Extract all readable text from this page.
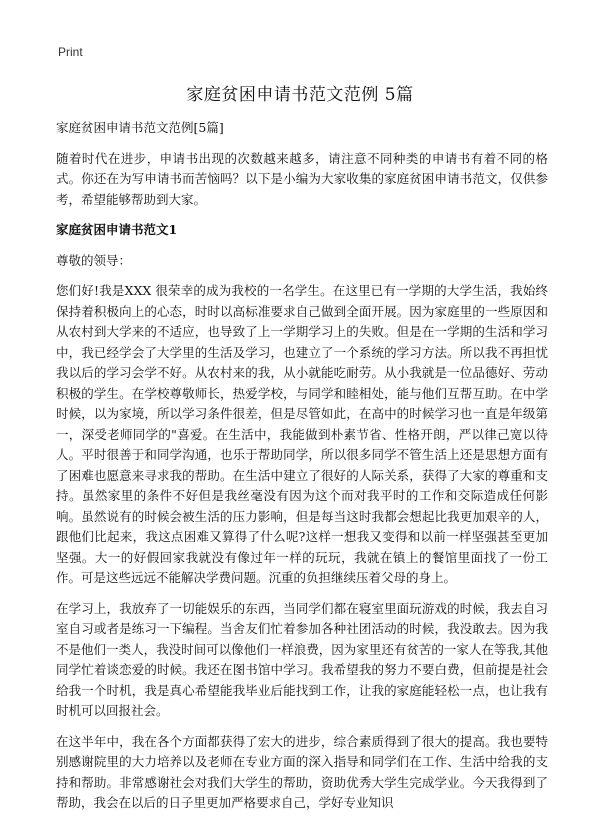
Print
家庭贫困申请书范文范例 5篇

家庭贫困申请书范文范例[5篇]

随着时代在进步，申请书出现的次数越来越多，请注意不同种类的申请书有着不同的格式。你还在为写申请书而苦恼吗？以下是小编为大家收集的家庭贫困申请书范文，仅供参考，希望能够帮助到大家。

家庭贫困申请书范文1

尊敬的领导：

您们好!我是XXX 很荣幸的成为我校的一名学生。在这里已有一学期的大学生活，我始终保持着积极向上的心态，时时以高标准要求自己做到全面开展。因为家庭里的一些原因和从农村到大学来的不适应，也导致了上一学期学习上的失败。但是在一学期的生活和学习中，我已经学会了大学里的生活及学习，也建立了一个系统的学习方法。所以我不再担忧我以后的学习会学不好。从农村来的我，从小就能吃耐劳。从小我就是一位品德好、劳动积极的学生。在学校尊敬师长，热爱学校，与同学和睦相处，能与他们互帮互助。在中学时候，以为家境，所以学习条件很差，但是尽管如此，在高中的时候学习也一直是年级第一，深受老师同学的"喜爱。在生活中，我能做到朴素节省、性格开朗，严以律己宽以待人。平时很善于和同学沟通，也乐于帮助同学，所以很多同学不管生活上还是思想方面有了困难也愿意来寻求我的帮助。在生活中建立了很好的人际关系，获得了大家的尊重和支持。虽然家里的条件不好但是我丝毫没有因为这个而对我平时的工作和交际造成任何影响。虽然说有的时候会被生活的压力影响，但是每当这时我都会想起比我更加艰辛的人，跟他们比起来，我这点困难又算得了什么呢?这样一想我又变得和以前一样坚强甚至更加坚强。大一的好假回家我就没有像过年一样的玩玩，我就在镇上的餐馆里面找了一份工作。可是这些远远不能解决学费问题。沉重的负担继续压着父母的身上。

在学习上，我放弃了一切能娱乐的东西，当同学们都在寝室里面玩游戏的时候，我去自习室自习或者是练习一下编程。当舍友们忙着参加各种社团活动的时候，我没敢去。因为我不是他们一类人，我没时间可以像他们一样浪费，因为家里还有贫苦的一家人在等我,其他同学忙着谈恋爱的时候。我还在图书馆中学习。我希望我的努力不要白费，但前提是社会给我一个时机，我是真心希望能我毕业后能找到工作，让我的家庭能轻松一点，也让我有时机可以回报社会。

在这半年中，我在各个方面都获得了宏大的进步，综合素质得到了很大的提高。我也要特别感谢院里的大力培养以及老师在专业方面的深入指导和同学们在工作、生活中给我的支持和帮助。非常感谢社会对我们大学生的帮助，资助优秀大学生完成学业。今天我得到了帮助，我会在以后的日子里更加严格要求自己，学好专业知识
